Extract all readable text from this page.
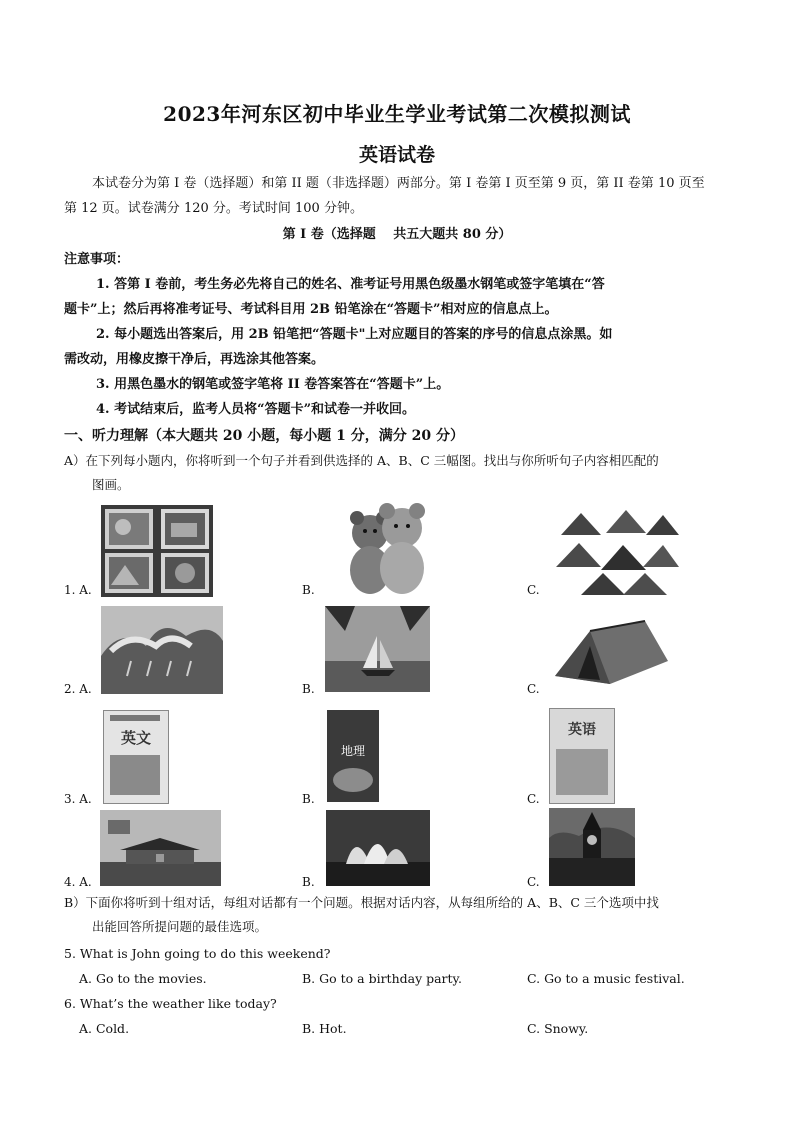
2023年河东区初中毕业生学业考试第二次模拟测试
英语试卷
本试卷分为第 I 卷（选择题）和第 II 题（非选择题）两部分。第 I 卷第 I 页至第 9 页，第 II 卷第 10 页至
第 12 页。试卷满分 120 分。考试时间 100 分钟。
第 I 卷（选择题　 共五大题共 80 分）
注意事项：
1. 答第 I 卷前，考生务必先将自己的姓名、准考证号用黑色级墨水钢笔或签字笔填在“答
题卡”上；然后再将准考证号、考试科目用 2B 铅笔涂在“答题卡”相对应的信息点上。
2. 每小题选出答案后，用 2B 铅笔把“答题卡"上对应题目的答案的序号的信息点涂黑。如
需改动，用橡皮擦干净后，再选涂其他答案。
3. 用黑色墨水的钢笔或签字笔将 II 卷答案答在“答题卡”上。
4. 考试结束后，监考人员将“答题卡”和试卷一并收回。
一、听力理解（本大题共 20 小题，每小题 1 分，满分 20 分）
A）在下列每小题内，你将听到一个句子并看到供选择的 A、B、C 三幅图。找出与你所听句子内容相匹配的
图画。
1. A.	B.	C.
2. A.	B.	C.
3. A.	B.	C.
英文
地理
英语
4. A.	B.	C.
B）下面你将听到十组对话，每组对话都有一个问题。根据对话内容，从每组所给的 A、B、C 三个选项中找
出能回答所提问题的最佳选项。
5. What is John going to do this weekend?
A. Go to the movies.	B. Go to a birthday party.	C. Go to a music festival.
6. What’s the weather like today?
A. Cold.	B. Hot.	C. Snowy.
